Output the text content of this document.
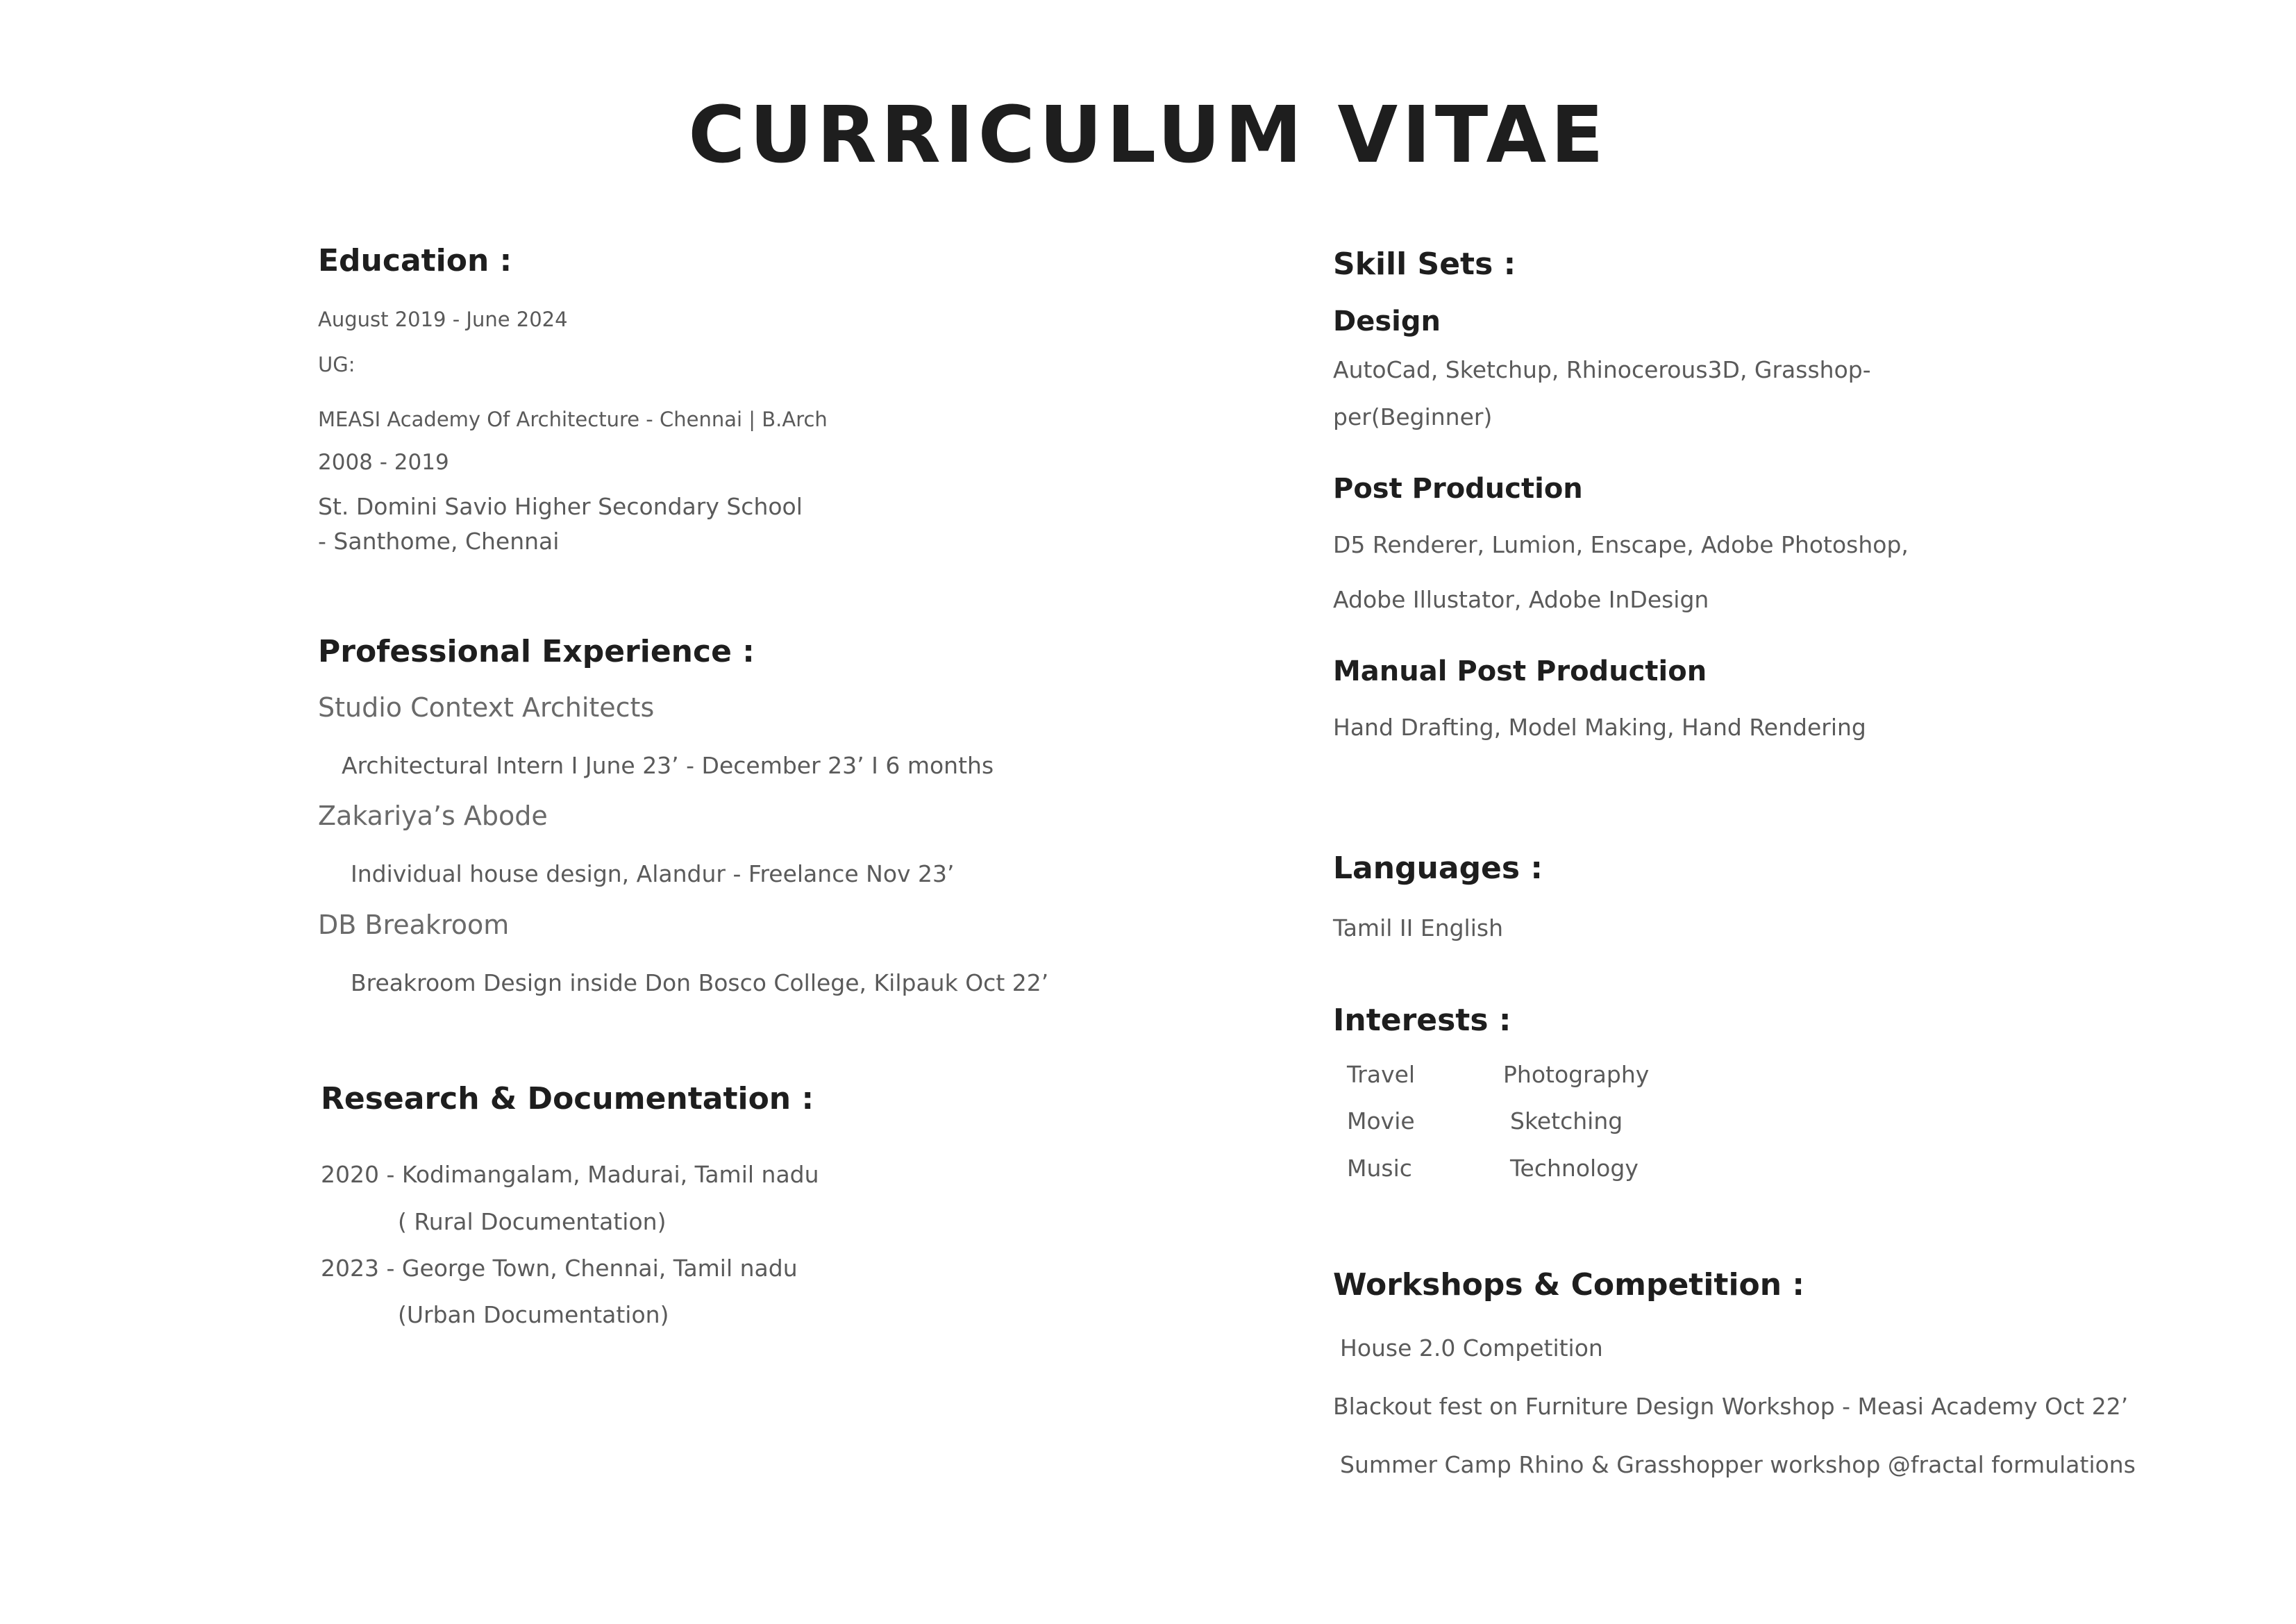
CURRICULUM VITAE
Education :
August 2019 - June 2024
UG:
MEASI Academy Of Architecture - Chennai | B.Arch
2008 - 2019
St. Domini Savio Higher Secondary School
- Santhome, Chennai
Professional Experience :
Studio Context Architects
Architectural Intern I June 23’ - December 23’ I 6 months
Zakariya’s Abode
Individual house design, Alandur - Freelance Nov 23’
DB Breakroom
Breakroom Design inside Don Bosco College, Kilpauk Oct 22’
Research & Documentation :
2020 - Kodimangalam, Madurai, Tamil nadu
( Rural Documentation)
2023 - George Town, Chennai, Tamil nadu
(Urban Documentation)
Skill Sets :
Design
AutoCad, Sketchup, Rhinocerous3D, Grasshop-
per(Beginner)
Post Production
D5 Renderer, Lumion, Enscape, Adobe Photoshop,
Adobe Illustator, Adobe InDesign
Manual Post Production
Hand Drafting, Model Making, Hand Rendering
Languages :
Tamil II English
Interests :
Travel
Movie
Music
Photography
Sketching
Technology
Workshops & Competition :
House 2.0 Competition
Blackout fest on Furniture Design Workshop - Measi Academy Oct 22’
Summer Camp Rhino & Grasshopper workshop @fractal formulations
